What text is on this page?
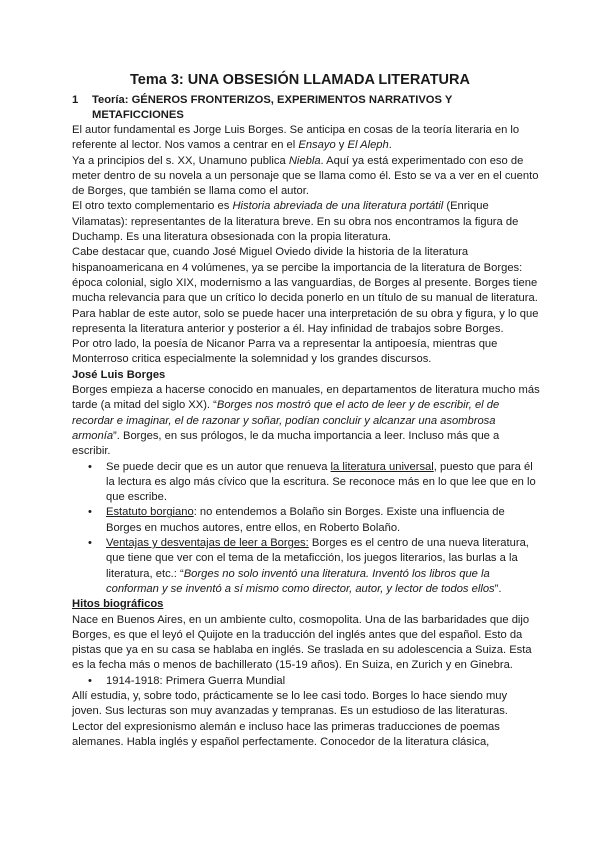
Tema 3: UNA OBSESIÓN LLAMADA LITERATURA
1 Teoría: GÉNEROS FRONTERIZOS, EXPERIMENTOS NARRATIVOS Y METAFICCIONES

El autor fundamental es Jorge Luis Borges. Se anticipa en cosas de la teoría literaria en lo referente al lector. Nos vamos a centrar en el Ensayo y El Aleph.

Ya a principios del s. XX, Unamuno publica Niebla. Aquí ya está experimentado con eso de meter dentro de su novela a un personaje que se llama como él. Esto se va a ver en el cuento de Borges, que también se llama como el autor.

El otro texto complementario es Historia abreviada de una literatura portátil (Enrique Vilamatas): representantes de la literatura breve. En su obra nos encontramos la figura de Duchamp. Es una literatura obsesionada con la propia literatura.

Cabe destacar que, cuando José Miguel Oviedo divide la historia de la literatura hispanoamericana en 4 volúmenes, ya se percibe la importancia de la literatura de Borges: época colonial, siglo XIX, modernismo a las vanguardias, de Borges al presente. Borges tiene mucha relevancia para que un crítico lo decida ponerlo en un título de su manual de literatura.

Para hablar de este autor, solo se puede hacer una interpretación de su obra y figura, y lo que representa la literatura anterior y posterior a él. Hay infinidad de trabajos sobre Borges.

Por otro lado, la poesía de Nicanor Parra va a representar la antipoesía, mientras que Monterroso critica especialmente la solemnidad y los grandes discursos.

José Luis Borges

Borges empieza a hacerse conocido en manuales, en departamentos de literatura mucho más tarde (a mitad del siglo XX). “Borges nos mostró que el acto de leer y de escribir, el de recordar e imaginar, el de razonar y soñar, podían concluir y alcanzar una asombrosa armonía”. Borges, en sus prólogos, le da mucha importancia a leer. Incluso más que a escribir.

• Se puede decir que es un autor que renueva la literatura universal, puesto que para él la lectura es algo más cívico que la escritura. Se reconoce más en lo que lee que en lo que escribe.
• Estatuto borgiano: no entendemos a Bolaño sin Borges. Existe una influencia de Borges en muchos autores, entre ellos, en Roberto Bolaño.
• Ventajas y desventajas de leer a Borges: Borges es el centro de una nueva literatura, que tiene que ver con el tema de la metaficción, los juegos literarios, las burlas a la literatura, etc.: “Borges no solo inventó una literatura. Inventó los libros que la conforman y se inventó a sí mismo como director, autor, y lector de todos ellos”.

Hitos biográficos

Nace en Buenos Aires, en un ambiente culto, cosmopolita. Una de las barbaridades que dijo Borges, es que el leyó el Quijote en la traducción del inglés antes que del español. Esto da pistas que ya en su casa se hablaba en inglés. Se traslada en su adolescencia a Suiza. Esta es la fecha más o menos de bachillerato (15-19 años). En Suiza, en Zurich y en Ginebra.

• 1914-1918: Primera Guerra Mundial

Allí estudia, y, sobre todo, prácticamente se lo lee casi todo. Borges lo hace siendo muy joven. Sus lecturas son muy avanzadas y tempranas. Es un estudioso de las literaturas. Lector del expresionismo alemán e incluso hace las primeras traducciones de poemas alemanes. Habla inglés y español perfectamente. Conocedor de la literatura clásica,
